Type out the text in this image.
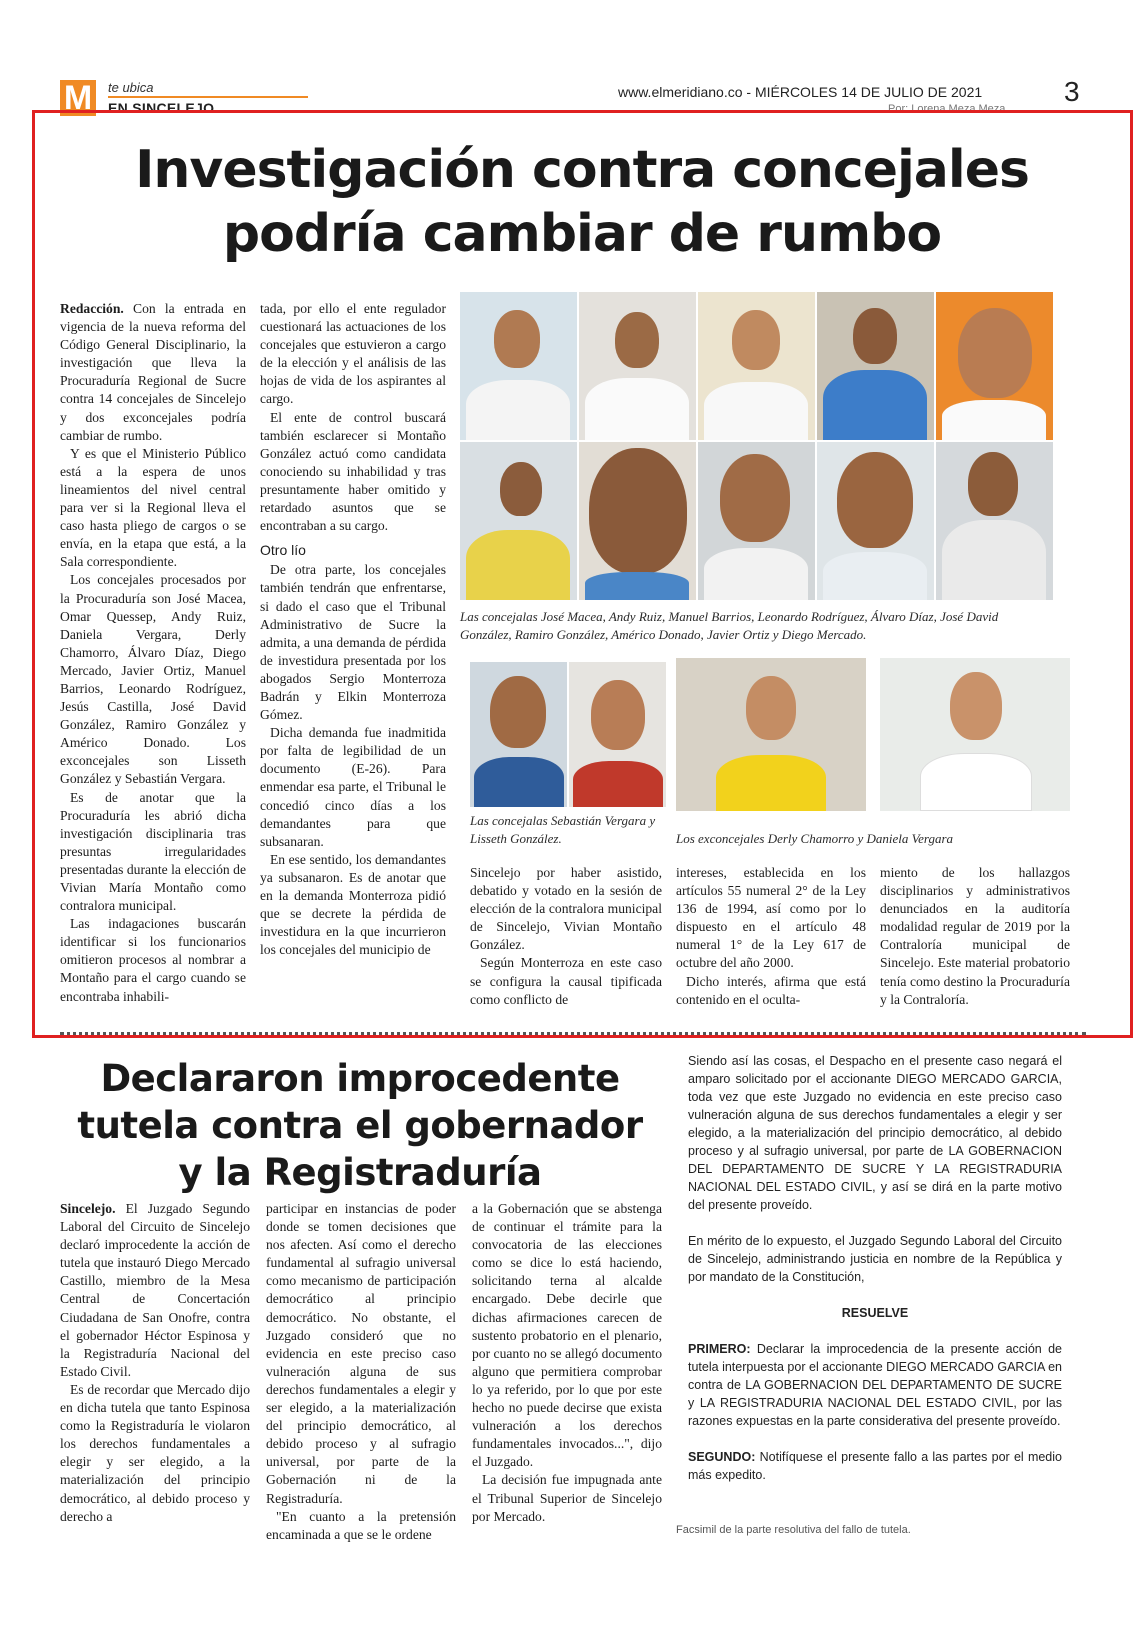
M te ubica
EN SINCELEJO
www.elmeridiano.co - MIÉRCOLES 14 DE JULIO DE 2021	3
Por: Lorena Meza Meza
Investigación contra concejales
podría cambiar de rumbo

Redacción. Con la entrada en vigencia de la nueva reforma del Código General Disciplinario, la investigación que lleva la Procuraduría Regional de Sucre contra 14 concejales de Sincelejo y dos exconcejales podría cambiar de rumbo.

Y es que el Ministerio Público está a la espera de unos lineamientos del nivel central para ver si la Regional lleva el caso hasta pliego de cargos o se envía, en la etapa que está, a la Sala correspondiente.

Los concejales procesados por la Procuraduría son José Macea, Omar Quessep, Andy Ruiz, Daniela Vergara, Derly Chamorro, Álvaro Díaz, Diego Mercado, Javier Ortiz, Manuel Barrios, Leonardo Rodríguez, Jesús Castilla, José David González, Ramiro González y Américo Donado. Los exconcejales son Lisseth González y Sebastián Vergara.

Es de anotar que la Procuraduría les abrió dicha investigación disciplinaria tras presuntas irregularidades presentadas durante la elección de Vivian María Montaño como contralora municipal.

Las indagaciones buscarán identificar si los funcionarios omitieron procesos al nombrar a Montaño para el cargo cuando se encontraba inhabili-

tada, por ello el ente regulador cuestionará las actuaciones de los concejales que estuvieron a cargo de la elección y el análisis de las hojas de vida de los aspirantes al cargo.

El ente de control buscará también esclarecer si Montaño González actuó como candidata conociendo su inhabilidad y tras presuntamente haber omitido y retardado asuntos que se encontraban a su cargo.

Otro lío

De otra parte, los concejales también tendrán que enfrentarse, si dado el caso que el Tribunal Administrativo de Sucre la admita, a una demanda de pérdida de investidura presentada por los abogados Sergio Monterroza Badrán y Elkin Monterroza Gómez.

Dicha demanda fue inadmitida por falta de legibilidad de un documento (E-26). Para enmendar esa parte, el Tribunal le concedió cinco días a los demandantes para que subsanaran.

En ese sentido, los demandantes ya subsanaron. Es de anotar que en la demanda Monterroza pidió que se decrete la pérdida de investidura en la que incurrieron los concejales del municipio de

Las concejalas José Macea, Andy Ruiz, Manuel Barrios, Leonardo Rodríguez, Álvaro Díaz, José David González, Ramiro González, Américo Donado, Javier Ortiz y Diego Mercado.
Las concejalas Sebastián Vergara y Lisseth González.	Los exconcejales Derly Chamorro y Daniela Vergara

Sincelejo por haber asistido, debatido y votado en la sesión de elección de la contralora municipal de Sincelejo, Vivian Montaño González.

Según Monterroza en este caso se configura la causal tipificada como conflicto de

intereses, establecida en los artículos 55 numeral 2° de la Ley 136 de 1994, así como por lo dispuesto en el artículo 48 numeral 1° de la Ley 617 de octubre del año 2000.

Dicho interés, afirma que está contenido en el oculta-

miento de los hallazgos disciplinarios y administrativos denunciados en la auditoría modalidad regular de 2019 por la Contraloría municipal de Sincelejo. Este material probatorio tenía como destino la Procuraduría y la Contraloría.

Declararon improcedente
tutela contra el gobernador
y la Registraduría

Sincelejo. El Juzgado Segundo Laboral del Circuito de Sincelejo declaró improcedente la acción de tutela que instauró Diego Mercado Castillo, miembro de la Mesa Central de Concertación Ciudadana de San Onofre, contra el gobernador Héctor Espinosa y la Registraduría Nacional del Estado Civil.

Es de recordar que Mercado dijo en dicha tutela que tanto Espinosa como la Registraduría le violaron los derechos fundamentales a elegir y ser elegido, a la materialización del principio democrático, al debido proceso y derecho a

participar en instancias de poder donde se tomen decisiones que nos afecten. Así como el derecho fundamental al sufragio universal como mecanismo de participación democrático al principio democrático. No obstante, el Juzgado consideró que no evidencia en este preciso caso vulneración alguna de sus derechos fundamentales a elegir y ser elegido, a la materialización del principio democrático, al debido proceso y al sufragio universal, por parte de la Gobernación ni de la Registraduría.

"En cuanto a la pretensión encaminada a que se le ordene

a la Gobernación que se abstenga de continuar el trámite para la convocatoria de las elecciones como se dice lo está haciendo, solicitando terna al alcalde encargado. Debe decirle que dichas afirmaciones carecen de sustento probatorio en el plenario, por cuanto no se allegó documento alguno que permitiera comprobar lo ya referido, por lo que por este hecho no puede decirse que exista vulneración a los derechos fundamentales invocados...", dijo el Juzgado.

La decisión fue impugnada ante el Tribunal Superior de Sincelejo por Mercado.

Siendo así las cosas, el Despacho en el presente caso negará el amparo solicitado por el accionante DIEGO MERCADO GARCIA, toda vez que este Juzgado no evidencia en este preciso caso vulneración alguna de sus derechos fundamentales a elegir y ser elegido, a la materialización del principio democrático, al debido proceso y al sufragio universal, por parte de LA GOBERNACION DEL DEPARTAMENTO DE SUCRE Y LA REGISTRADURIA NACIONAL DEL ESTADO CIVIL, y así se dirá en la parte motivo del presente proveído.

En mérito de lo expuesto, el Juzgado Segundo Laboral del Circuito de Sincelejo, administrando justicia en nombre de la República y por mandato de la Constitución,

RESUELVE

PRIMERO: Declarar la improcedencia de la presente acción de tutela interpuesta por el accionante DIEGO MERCADO GARCIA en contra de LA GOBERNACION DEL DEPARTAMENTO DE SUCRE y LA REGISTRADURIA NACIONAL DEL ESTADO CIVIL, por las razones expuestas en la parte considerativa del presente proveído.

SEGUNDO: Notifíquese el presente fallo a las partes por el medio más expedito.

Facsimil de la parte resolutiva del fallo de tutela.
